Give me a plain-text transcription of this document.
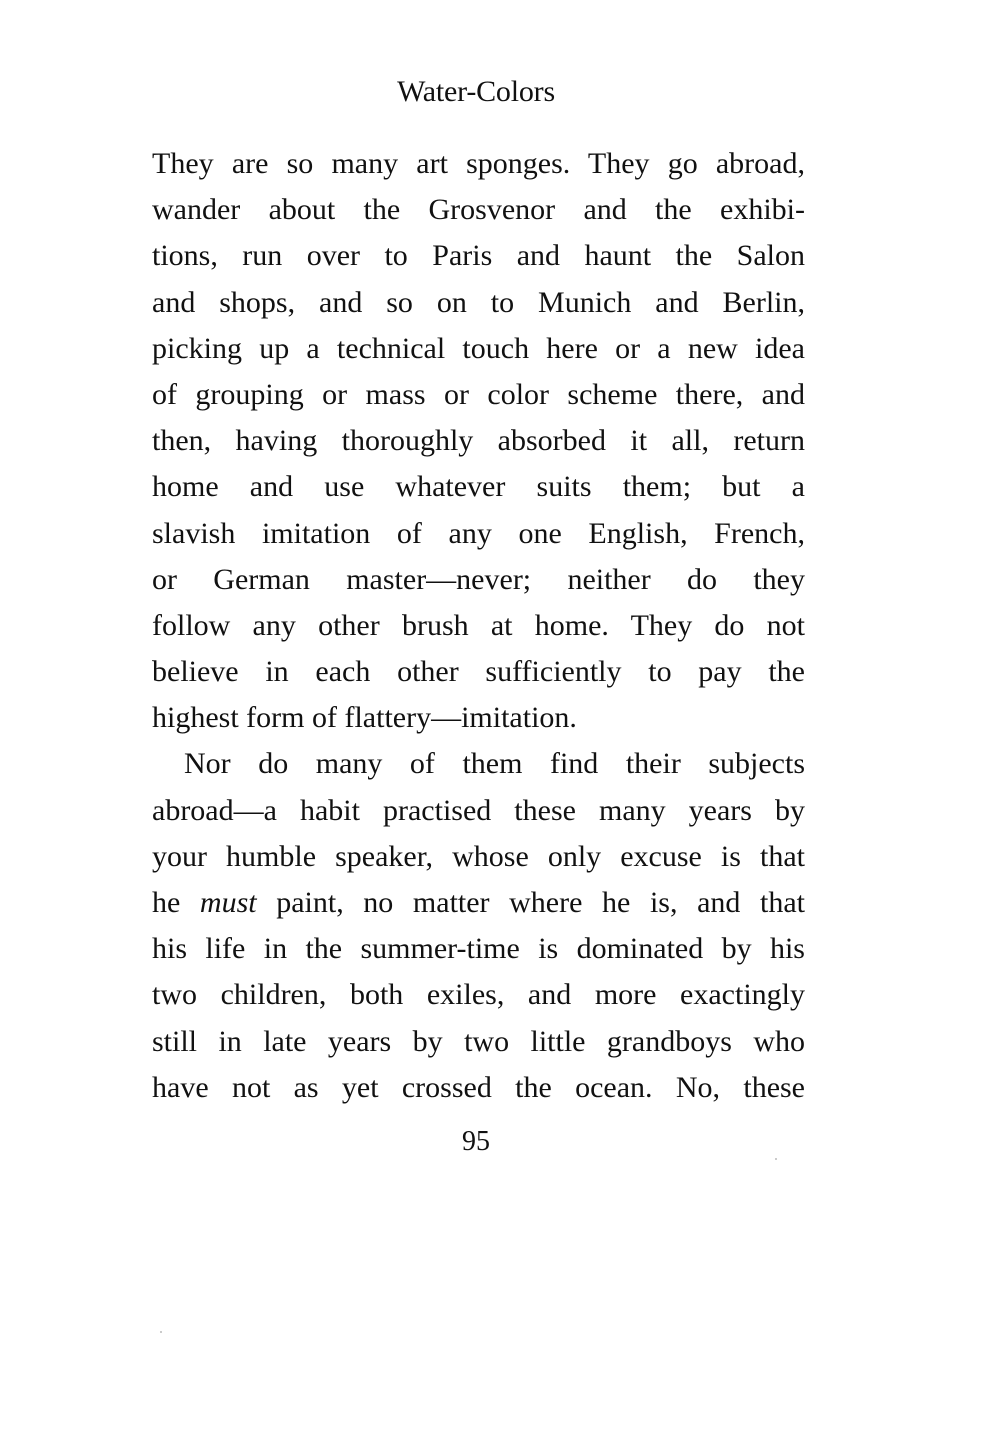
Water-Colors
They are so many art sponges. They go abroad,
wander about the Grosvenor and the exhibi-
tions, run over to Paris and haunt the Salon
and shops, and so on to Munich and Berlin,
picking up a technical touch here or a new idea
of grouping or mass or color scheme there, and
then, having thoroughly absorbed it all, return
home and use whatever suits them; but a
slavish imitation of any one English, French,
or German master—never; neither do they
follow any other brush at home. They do not
believe in each other sufficiently to pay the
highest form of flattery—imitation.
Nor do many of them find their subjects
abroad—a habit practised these many years by
your humble speaker, whose only excuse is that
he must paint, no matter where he is, and that
his life in the summer-time is dominated by his
two children, both exiles, and more exactingly
still in late years by two little grandboys who
have not as yet crossed the ocean. No, these
95
